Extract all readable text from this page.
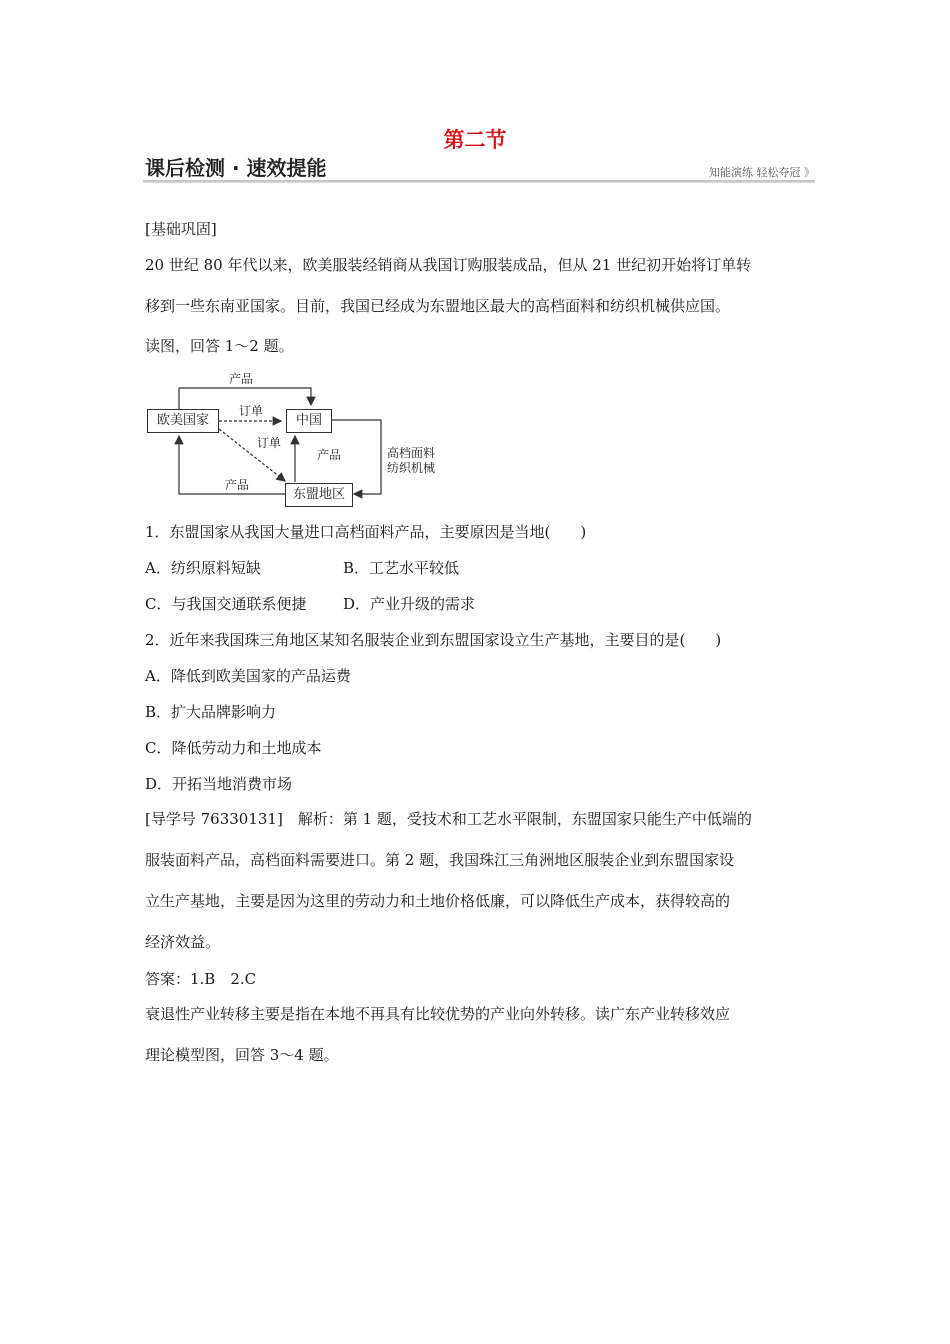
第二节
课后检测 · 速效提能	知能演练 轻松夺冠 》
[基础巩固]
20 世纪 80 年代以来，欧美服装经销商从我国订购服装成品，但从 21 世纪初开始将订单转
移到一些东南亚国家。目前，我国已经成为东盟地区最大的高档面料和纺织机械供应国。
读图，回答 1～2 题。
欧美国家	中国
东盟地区
产品
订单
订单
产品
产品
高档面料
纺织机械
1．东盟国家从我国大量进口高档面料产品，主要原因是当地(　　)
A．纺织原料短缺	B．工艺水平较低
C．与我国交通联系便捷	D．产业升级的需求
2．近年来我国珠三角地区某知名服装企业到东盟国家设立生产基地，主要目的是(　　)
A．降低到欧美国家的产品运费
B．扩大品牌影响力
C．降低劳动力和土地成本
D．开拓当地消费市场
[导学号 76330131]　解析：第 1 题，受技术和工艺水平限制，东盟国家只能生产中低端的
服装面料产品，高档面料需要进口。第 2 题，我国珠江三角洲地区服装企业到东盟国家设
立生产基地，主要是因为这里的劳动力和土地价格低廉，可以降低生产成本，获得较高的
经济效益。
答案：1.B　2.C
衰退性产业转移主要是指在本地不再具有比较优势的产业向外转移。读广东产业转移效应
理论模型图，回答 3～4 题。
